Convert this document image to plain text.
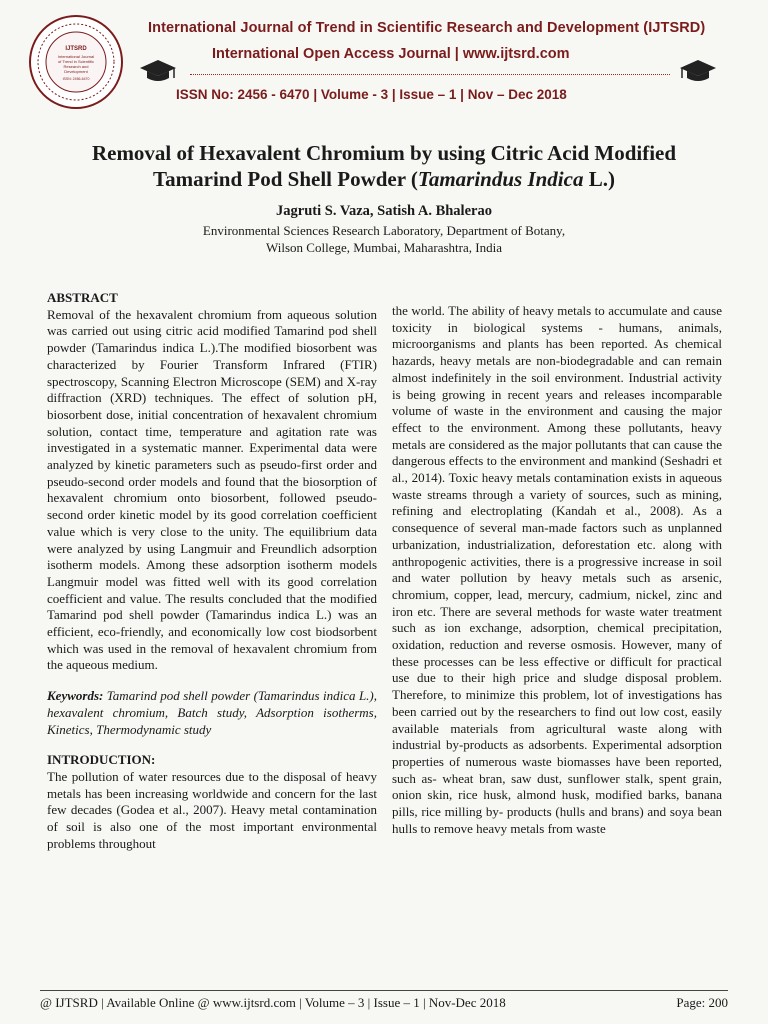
IJTSRD
International Journal
of Trend in Scientific
Research and
Development
ISSN: 2456-6470
International Journal of Trend in Scientific Research and Development (IJTSRD)
International Open Access Journal | www.ijtsrd.com
ISSN No: 2456 - 6470 | Volume - 3 | Issue – 1 | Nov – Dec 2018
Removal of Hexavalent Chromium by using Citric Acid Modified
Tamarind Pod Shell Powder (Tamarindus Indica L.)
Jagruti S. Vaza, Satish A. Bhalerao
Environmental Sciences Research Laboratory, Department of Botany,
Wilson College, Mumbai, Maharashtra, India

ABSTRACT

Removal of the hexavalent chromium from aqueous solution was carried out using citric acid modified Tamarind pod shell powder (Tamarindus indica L.).The modified biosorbent was characterized by Fourier Transform Infrared (FTIR) spectroscopy, Scanning Electron Microscope (SEM) and X-ray diffraction (XRD) techniques. The effect of solution pH, biosorbent dose, initial concentration of hexavalent chromium solution, contact time, temperature and agitation rate was investigated in a systematic manner. Experimental data were analyzed by kinetic parameters such as pseudo-first order and pseudo-second order models and found that the biosorption of hexavalent chromium onto biosorbent, followed pseudo-second order kinetic model by its good correlation coefficient value which is very close to the unity. The equilibrium data were analyzed by using Langmuir and Freundlich adsorption isotherm models. Among these adsorption isotherm models Langmuir model was fitted well with its good correlation coefficient and value. The results concluded that the modified Tamarind pod shell powder (Tamarindus indica L.) was an efficient, eco-friendly, and economically low cost biodsorbent which was used in the removal of hexavalent chromium from the aqueous medium.

Keywords: Tamarind pod shell powder (Tamarindus indica L.), hexavalent chromium, Batch study, Adsorption isotherms, Kinetics, Thermodynamic study

INTRODUCTION:

The pollution of water resources due to the disposal of heavy metals has been increasing worldwide and concern for the last few decades (Godea et al., 2007). Heavy metal contamination of soil is also one of the most important environmental problems throughout

the world. The ability of heavy metals to accumulate and cause toxicity in biological systems - humans, animals, microorganisms and plants has been reported. As chemical hazards, heavy metals are non-biodegradable and can remain almost indefinitely in the soil environment. Industrial activity is being growing in recent years and releases incomparable volume of waste in the environment and causing the major effect to the environment. Among these pollutants, heavy metals are considered as the major pollutants that can cause the dangerous effects to the environment and mankind (Seshadri et al., 2014). Toxic heavy metals contamination exists in aqueous waste streams through a variety of sources, such as mining, refining and electroplating (Kandah et al., 2008). As a consequence of several man-made factors such as unplanned urbanization, industrialization, deforestation etc. along with anthropogenic activities, there is a progressive increase in soil and water pollution by heavy metals such as arsenic, chromium, copper, lead, mercury, cadmium, nickel, zinc and iron etc. There are several methods for waste water treatment such as ion exchange, adsorption, chemical precipitation, oxidation, reduction and reverse osmosis. However, many of these processes can be less effective or difficult for practical use due to their high price and sludge disposal problem. Therefore, to minimize this problem, lot of investigations has been carried out by the researchers to find out low cost, easily available materials from agricultural waste along with industrial by-products as adsorbents. Experimental adsorption properties of numerous waste biomasses have been reported, such as- wheat bran, saw dust, sunflower stalk, spent grain, onion skin, rice husk, almond husk, modified barks, banana pills, rice milling by- products (hulls and brans) and soya bean hulls to remove heavy metals from waste

@ IJTSRD | Available Online @ www.ijtsrd.com | Volume – 3 | Issue – 1 | Nov-Dec 2018	Page: 200
